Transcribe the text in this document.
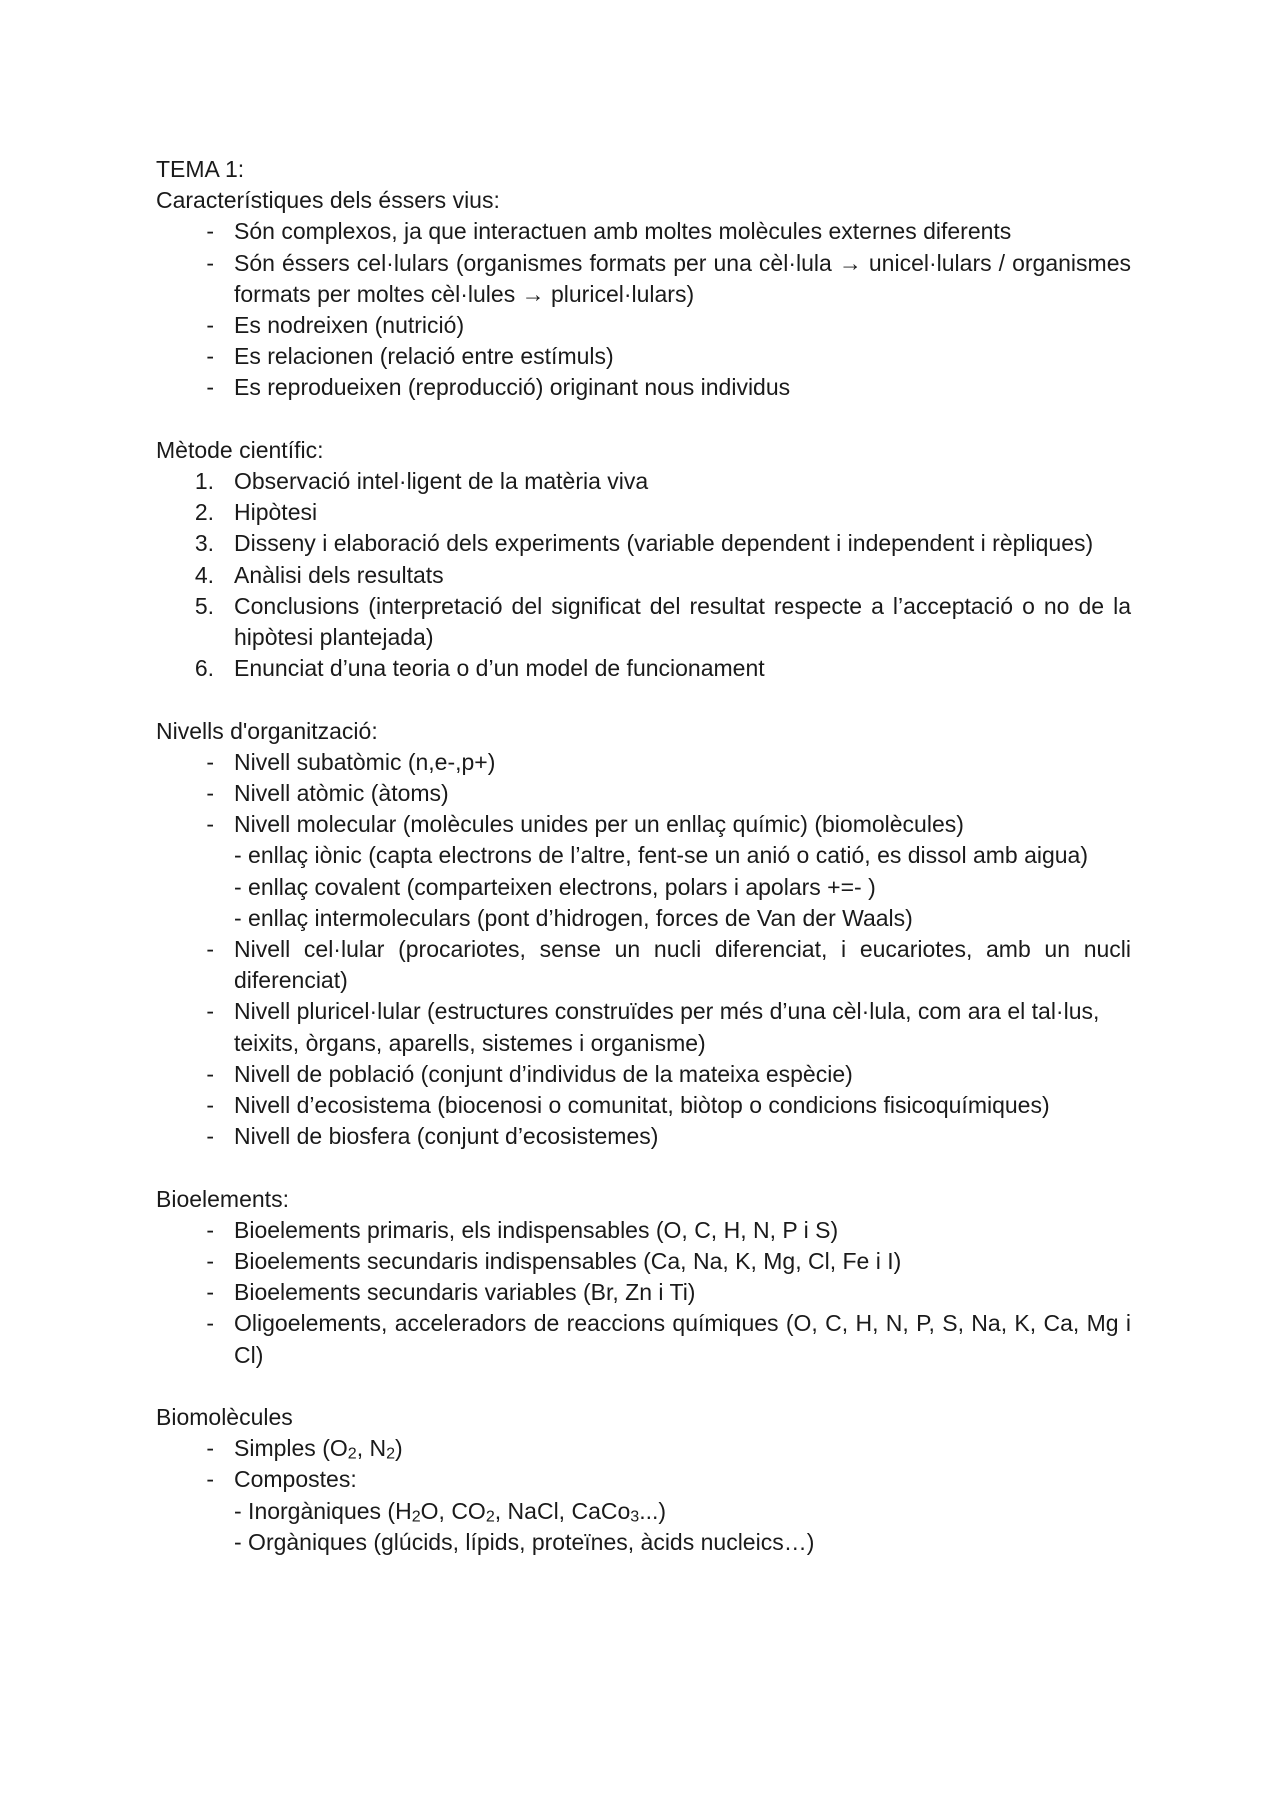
TEMA 1:
Característiques dels éssers vius:
- Són complexos, ja que interactuen amb moltes molècules externes diferents
- Són éssers cel·lulars (organismes formats per una cèl·lula → unicel·lulars / organismes formats per moltes cèl·lules → pluricel·lulars)
- Es nodreixen (nutrició)
- Es relacionen (relació entre estímuls)
- Es reprodueixen (reproducció) originant nous individus
Mètode científic:
1. Observació intel·ligent de la matèria viva
2. Hipòtesi
3. Disseny i elaboració dels experiments (variable dependent i independent i rèpliques)
4. Anàlisi dels resultats
5. Conclusions (interpretació del significat del resultat respecte a l’acceptació o no de la hipòtesi plantejada)
6. Enunciat d’una teoria o d’un model de funcionament
Nivells d'organització:
- Nivell subatòmic (n,e-,p+)
- Nivell atòmic (àtoms)
- Nivell molecular (molècules unides per un enllaç químic) (biomolècules)
- enllaç iònic (capta electrons de l’altre, fent-se un anió o catió, es dissol amb aigua)
- enllaç covalent (comparteixen electrons, polars i apolars +=- )
- enllaç intermoleculars (pont d’hidrogen, forces de Van der Waals)
- Nivell cel·lular (procariotes, sense un nucli diferenciat, i eucariotes, amb un nucli diferenciat)
- Nivell pluricel·lular (estructures construïdes per més d’una cèl·lula, com ara el tal·lus, teixits, òrgans, aparells, sistemes i organisme)
- Nivell de població (conjunt d’individus de la mateixa espècie)
- Nivell d’ecosistema (biocenosi o comunitat, biòtop o condicions fisicoquímiques)
- Nivell de biosfera (conjunt d’ecosistemes)
Bioelements:
- Bioelements primaris, els indispensables (O, C, H, N, P i S)
- Bioelements secundaris indispensables (Ca, Na, K, Mg, Cl, Fe i I)
- Bioelements secundaris variables (Br, Zn i Ti)
- Oligoelements, acceleradors de reaccions químiques (O, C, H, N, P, S, Na, K, Ca, Mg i Cl)
Biomolècules
- Simples ($O_2$, $N_2$)
- Compostes:
- Inorgàniques ($H_2O$, $CO_2$, NaCl, CaCo$_3$...)
- Orgàniques (glúcids, lípids, proteïnes, àcids nucleics…)
